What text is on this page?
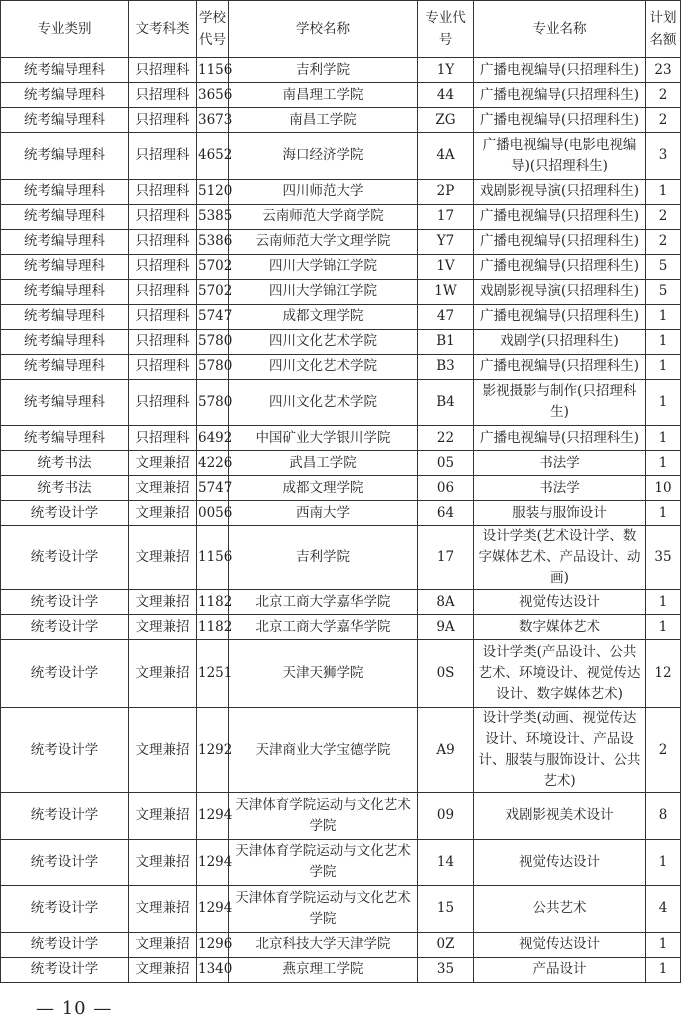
专业类别	文考科类	学校代号	学校名称	专业代号	专业名称	计划名额
统考编导理科	只招理科	1156	吉利学院	1Y	广播电视编导(只招理科生)	23
统考编导理科	只招理科	3656	南昌理工学院	44	广播电视编导(只招理科生)	2
统考编导理科	只招理科	3673	南昌工学院	ZG	广播电视编导(只招理科生)	2
统考编导理科	只招理科	4652	海口经济学院	4A	广播电视编导(电影电视编导)(只招理科生)	3
统考编导理科	只招理科	5120	四川师范大学	2P	戏剧影视导演(只招理科生)	1
统考编导理科	只招理科	5385	云南师范大学商学院	17	广播电视编导(只招理科生)	2
统考编导理科	只招理科	5386	云南师范大学文理学院	Y7	广播电视编导(只招理科生)	2
统考编导理科	只招理科	5702	四川大学锦江学院	1V	广播电视编导(只招理科生)	5
统考编导理科	只招理科	5702	四川大学锦江学院	1W	戏剧影视导演(只招理科生)	5
统考编导理科	只招理科	5747	成都文理学院	47	广播电视编导(只招理科生)	1
统考编导理科	只招理科	5780	四川文化艺术学院	B1	戏剧学(只招理科生)	1
统考编导理科	只招理科	5780	四川文化艺术学院	B3	广播电视编导(只招理科生)	1
统考编导理科	只招理科	5780	四川文化艺术学院	B4	影视摄影与制作(只招理科生)	1
统考编导理科	只招理科	6492	中国矿业大学银川学院	22	广播电视编导(只招理科生)	1
统考书法	文理兼招	4226	武昌工学院	05	书法学	1
统考书法	文理兼招	5747	成都文理学院	06	书法学	10
统考设计学	文理兼招	0056	西南大学	64	服装与服饰设计	1
统考设计学	文理兼招	1156	吉利学院	17	设计学类(艺术设计学、数字媒体艺术、产品设计、动画)	35
统考设计学	文理兼招	1182	北京工商大学嘉华学院	8A	视觉传达设计	1
统考设计学	文理兼招	1182	北京工商大学嘉华学院	9A	数字媒体艺术	1
统考设计学	文理兼招	1251	天津天狮学院	0S	设计学类(产品设计、公共艺术、环境设计、视觉传达设计、数字媒体艺术)	12
统考设计学	文理兼招	1292	天津商业大学宝德学院	A9	设计学类(动画、视觉传达设计、环境设计、产品设计、服装与服饰设计、公共艺术)	2
统考设计学	文理兼招	1294	天津体育学院运动与文化艺术学院	09	戏剧影视美术设计	8
统考设计学	文理兼招	1294	天津体育学院运动与文化艺术学院	14	视觉传达设计	1
统考设计学	文理兼招	1294	天津体育学院运动与文化艺术学院	15	公共艺术	4
统考设计学	文理兼招	1296	北京科技大学天津学院	0Z	视觉传达设计	1
统考设计学	文理兼招	1340	燕京理工学院	35	产品设计	1
— 10 —
